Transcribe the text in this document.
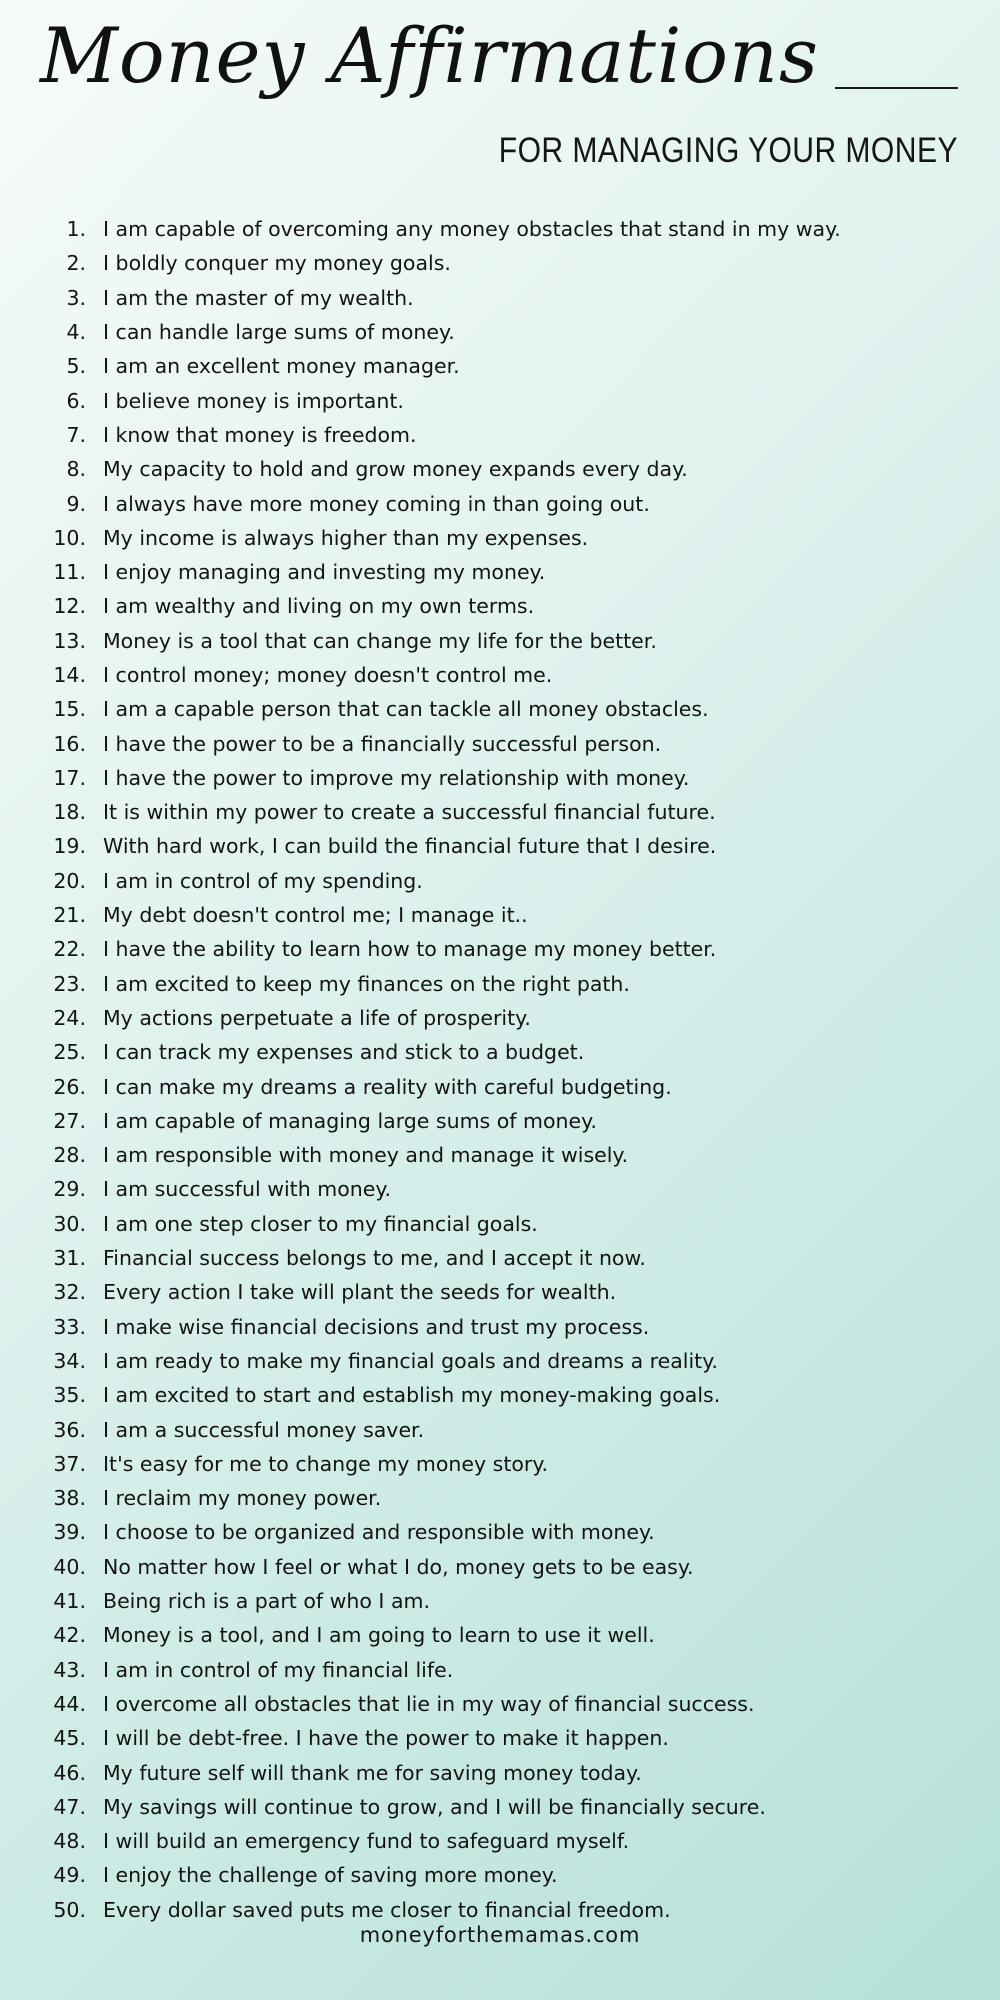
Money Affirmations
FOR MANAGING YOUR MONEY
1. I am capable of overcoming any money obstacles that stand in my way.
2. I boldly conquer my money goals.
3. I am the master of my wealth.
4. I can handle large sums of money.
5. I am an excellent money manager.
6. I believe money is important.
7. I know that money is freedom.
8. My capacity to hold and grow money expands every day.
9. I always have more money coming in than going out.
10. My income is always higher than my expenses.
11. I enjoy managing and investing my money.
12. I am wealthy and living on my own terms.
13. Money is a tool that can change my life for the better.
14. I control money; money doesn't control me.
15. I am a capable person that can tackle all money obstacles.
16. I have the power to be a financially successful person.
17. I have the power to improve my relationship with money.
18. It is within my power to create a successful financial future.
19. With hard work, I can build the financial future that I desire.
20. I am in control of my spending.
21. My debt doesn't control me; I manage it..
22. I have the ability to learn how to manage my money better.
23. I am excited to keep my finances on the right path.
24. My actions perpetuate a life of prosperity.
25. I can track my expenses and stick to a budget.
26. I can make my dreams a reality with careful budgeting.
27. I am capable of managing large sums of money.
28. I am responsible with money and manage it wisely.
29. I am successful with money.
30. I am one step closer to my financial goals.
31. Financial success belongs to me, and I accept it now.
32. Every action I take will plant the seeds for wealth.
33. I make wise financial decisions and trust my process.
34. I am ready to make my financial goals and dreams a reality.
35. I am excited to start and establish my money-making goals.
36. I am a successful money saver.
37. It's easy for me to change my money story.
38. I reclaim my money power.
39. I choose to be organized and responsible with money.
40. No matter how I feel or what I do, money gets to be easy.
41. Being rich is a part of who I am.
42. Money is a tool, and I am going to learn to use it well.
43. I am in control of my financial life.
44. I overcome all obstacles that lie in my way of financial success.
45. I will be debt-free. I have the power to make it happen.
46. My future self will thank me for saving money today.
47. My savings will continue to grow, and I will be financially secure.
48. I will build an emergency fund to safeguard myself.
49. I enjoy the challenge of saving more money.
50. Every dollar saved puts me closer to financial freedom.
moneyforthemamas.com
